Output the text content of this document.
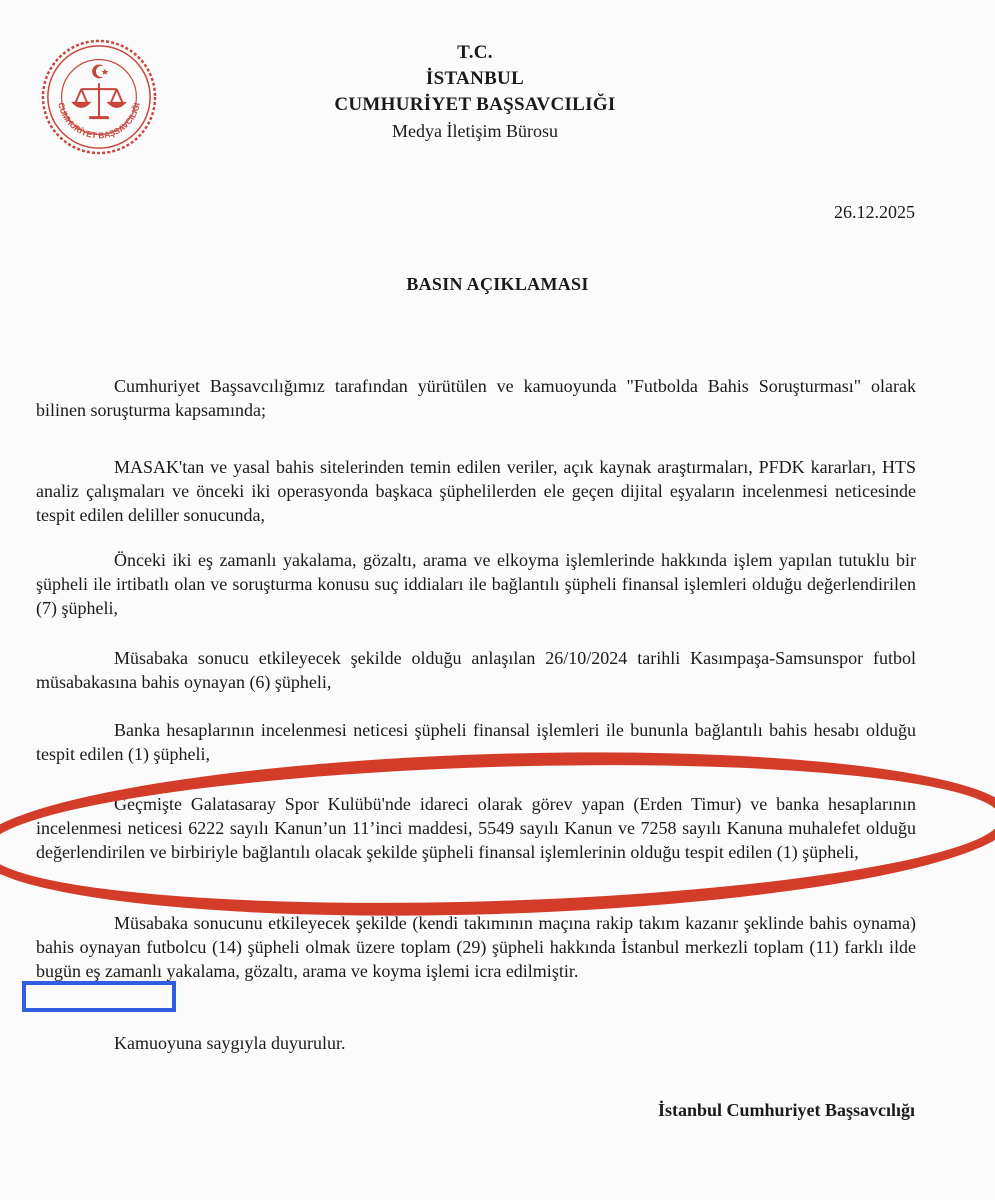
CUMHURİYET BAŞSAVCILIĞI
T.C.
İSTANBUL
CUMHURİYET BAŞSAVCILIĞI
Medya İletişim Bürosu
26.12.2025
BASIN AÇIKLAMASI

Cumhuriyet Başsavcılığımız tarafından yürütülen ve kamuoyunda "Futbolda Bahis Soruşturması" olarak bilinen soruşturma kapsamında;

MASAK'tan ve yasal bahis sitelerinden temin edilen veriler, açık kaynak araştırmaları, PFDK kararları, HTS analiz çalışmaları ve önceki iki operasyonda başkaca şüphelilerden ele geçen dijital eşyaların incelenmesi neticesinde tespit edilen deliller sonucunda,

Önceki iki eş zamanlı yakalama, gözaltı, arama ve elkoyma işlemlerinde hakkında işlem yapılan tutuklu bir şüpheli ile irtibatlı olan ve soruşturma konusu suç iddiaları ile bağlantılı şüpheli finansal işlemleri olduğu değerlendirilen (7) şüpheli,

Müsabaka sonucu etkileyecek şekilde olduğu anlaşılan 26/10/2024 tarihli Kasımpaşa-Samsunspor futbol müsabakasına bahis oynayan (6) şüpheli,

Banka hesaplarının incelenmesi neticesi şüpheli finansal işlemleri ile bununla bağlantılı bahis hesabı olduğu tespit edilen (1) şüpheli,

Geçmişte Galatasaray Spor Kulübü'nde idareci olarak görev yapan (Erden Timur) ve banka hesaplarının incelenmesi neticesi 6222 sayılı Kanun’un 11’inci maddesi, 5549 sayılı Kanun ve 7258 sayılı Kanuna muhalefet olduğu değerlendirilen ve birbiriyle bağlantılı olacak şekilde şüpheli finansal işlemlerinin olduğu tespit edilen (1) şüpheli,

Müsabaka sonucunu etkileyecek şekilde (kendi takımının maçına rakip takım kazanır şeklinde bahis oynama) bahis oynayan futbolcu (14) şüpheli olmak üzere toplam (29) şüpheli hakkında İstanbul merkezli toplam (11) farklı ilde bugün eş zamanlı yakalama, gözaltı, arama ve koyma işlemi icra edilmiştir.

Kamuoyuna saygıyla duyurulur.

İstanbul Cumhuriyet Başsavcılığı
